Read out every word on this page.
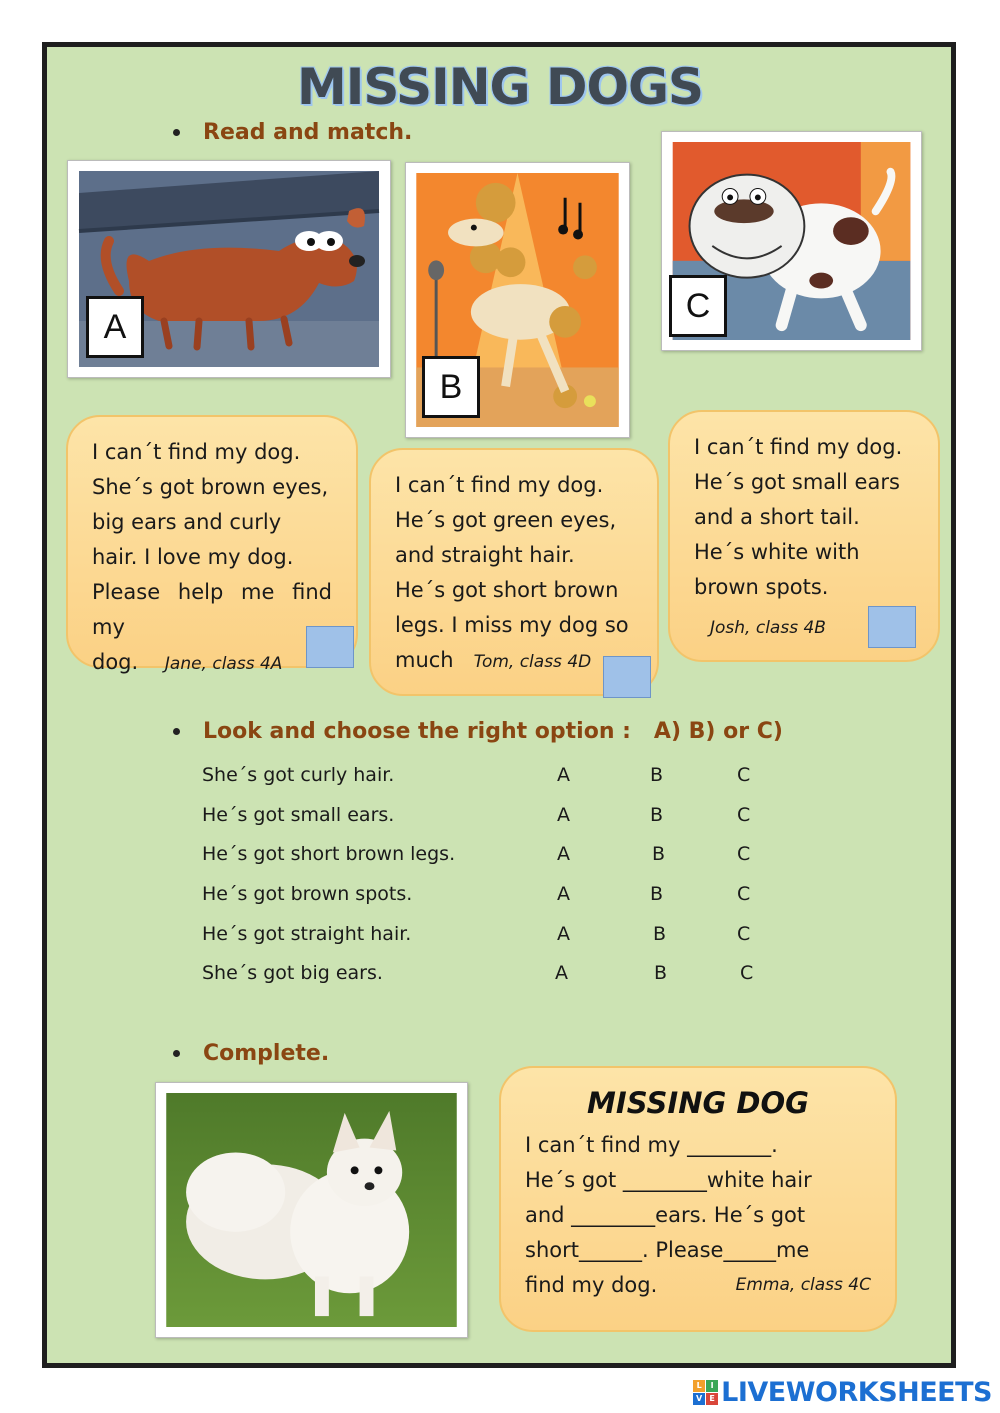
MISSING DOGS
Read and match.
A
B
C
I can´t find my dog.
She´s got brown eyes,
big ears and curly
hair. I love my dog.
Please help me find my
dog. Jane, class 4A
I can´t find my dog.
He´s got green eyes,
and straight hair.
He´s got short brown
legs. I miss my dog so
much Tom, class 4D
I can´t find my dog.
He´s got small ears
and a short tail.
He´s white with
brown spots.
Josh, class 4B
Look and choose the right option :   A) B) or C)
She´s got curly hair.	A	B	C
He´s got small ears.	A	B	C
He´s got short brown legs.	A	B	C
He´s got brown spots.	A	B	C
He´s got straight hair.	A	B	C
She´s got big ears.	A	B	C
Complete.
MISSING DOG
I can´t find my ________.
He´s got ________white hair
and ________ears. He´s got
short______. Please_____me
find my dog.	Emma, class 4C
L	I
V E LIVEWORKSHEETS
